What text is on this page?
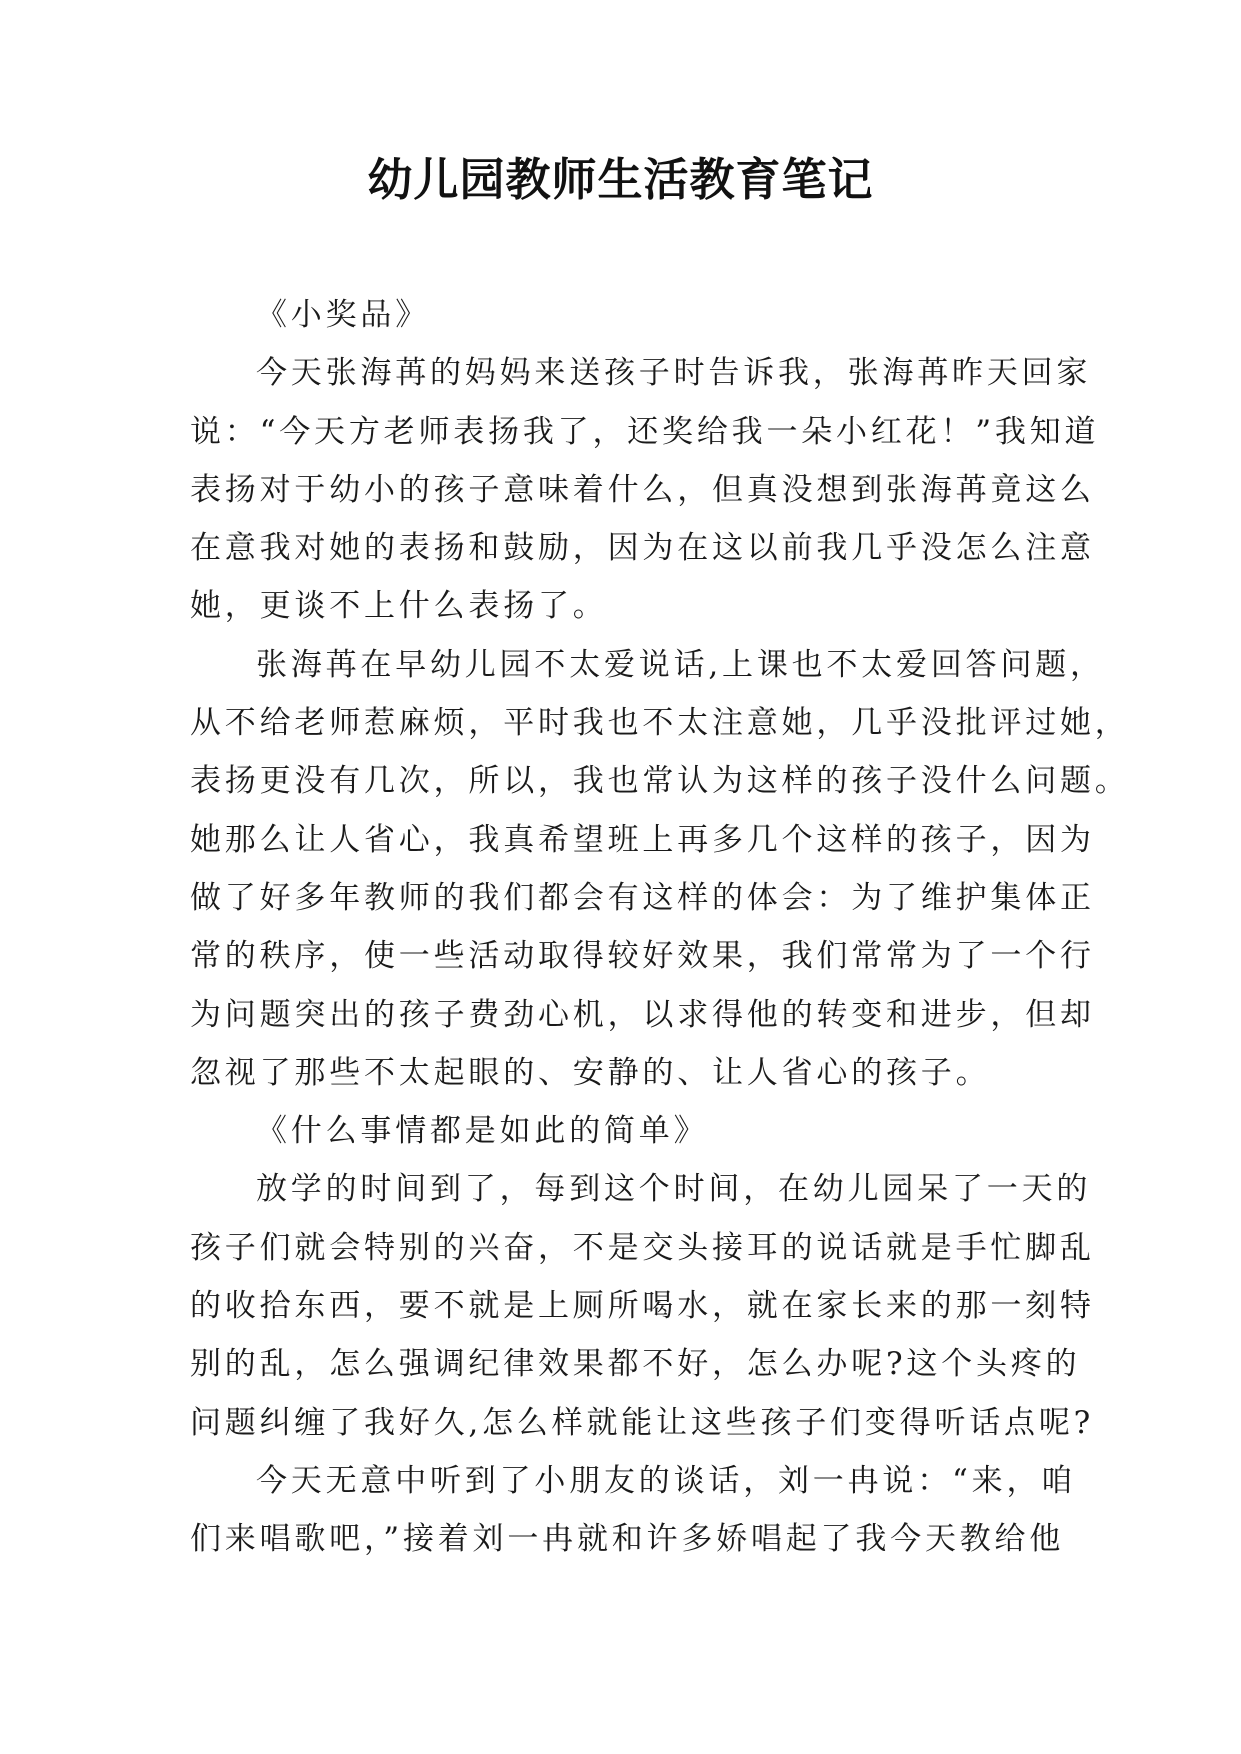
幼儿园教师生活教育笔记
《小奖品》
今天张海苒的妈妈来送孩子时告诉我，张海苒昨天回家
说：“今天方老师表扬我了，还奖给我一朵小红花！”我知道
表扬对于幼小的孩子意味着什么，但真没想到张海苒竟这么
在意我对她的表扬和鼓励，因为在这以前我几乎没怎么注意
她，更谈不上什么表扬了。
张海苒在早幼儿园不太爱说话,上课也不太爱回答问题，
从不给老师惹麻烦，平时我也不太注意她，几乎没批评过她，
表扬更没有几次，所以，我也常认为这样的孩子没什么问题。
她那么让人省心，我真希望班上再多几个这样的孩子，因为
做了好多年教师的我们都会有这样的体会：为了维护集体正
常的秩序，使一些活动取得较好效果，我们常常为了一个行
为问题突出的孩子费劲心机，以求得他的转变和进步，但却
忽视了那些不太起眼的、安静的、让人省心的孩子。
《什么事情都是如此的简单》
放学的时间到了，每到这个时间，在幼儿园呆了一天的
孩子们就会特别的兴奋，不是交头接耳的说话就是手忙脚乱
的收拾东西，要不就是上厕所喝水，就在家长来的那一刻特
别的乱，怎么强调纪律效果都不好，怎么办呢?这个头疼的
问题纠缠了我好久,怎么样就能让这些孩子们变得听话点呢?
今天无意中听到了小朋友的谈话，刘一冉说：“来，咱
们来唱歌吧，”接着刘一冉就和许多娇唱起了我今天教给他
